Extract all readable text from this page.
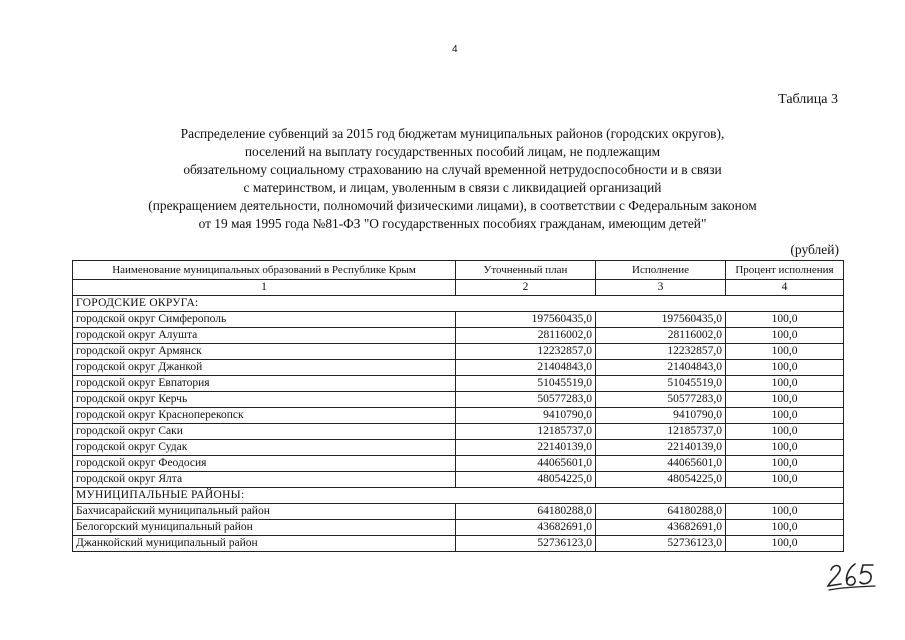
4
Таблица 3
Распределение субвенций за 2015 год бюджетам муниципальных районов (городских округов),
поселений на выплату государственных пособий лицам, не подлежащим
обязательному социальному страхованию на случай временной нетрудоспособности и в связи
с материнством, и лицам, уволенным в связи с ликвидацией организаций
(прекращением деятельности, полномочий физическими лицами), в соответствии с Федеральным законом
от 19 мая 1995 года №81-ФЗ "О государственных пособиях гражданам, имеющим детей"
(рублей)
Наименование муниципальных образований в Республике Крым	Уточненный план	Исполнение	Процент исполнения
1	2	3	4
ГОРОДСКИЕ ОКРУГА:			
городской округ Симферополь	197560435,0	197560435,0	100,0
городской округ Алушта	28116002,0	28116002,0	100,0
городской округ Армянск	12232857,0	12232857,0	100,0
городской округ Джанкой	21404843,0	21404843,0	100,0
городской округ Евпатория	51045519,0	51045519,0	100,0
городской округ Керчь	50577283,0	50577283,0	100,0
городской округ Красноперекопск	9410790,0	9410790,0	100,0
городской округ Саки	12185737,0	12185737,0	100,0
городской округ Судак	22140139,0	22140139,0	100,0
городской округ Феодосия	44065601,0	44065601,0	100,0
городской округ Ялта	48054225,0	48054225,0	100,0
МУНИЦИПАЛЬНЫЕ РАЙОНЫ:			
Бахчисарайский муниципальный район	64180288,0	64180288,0	100,0
Белогорский муниципальный район	43682691,0	43682691,0	100,0
Джанкойский муниципальный район	52736123,0	52736123,0	100,0
